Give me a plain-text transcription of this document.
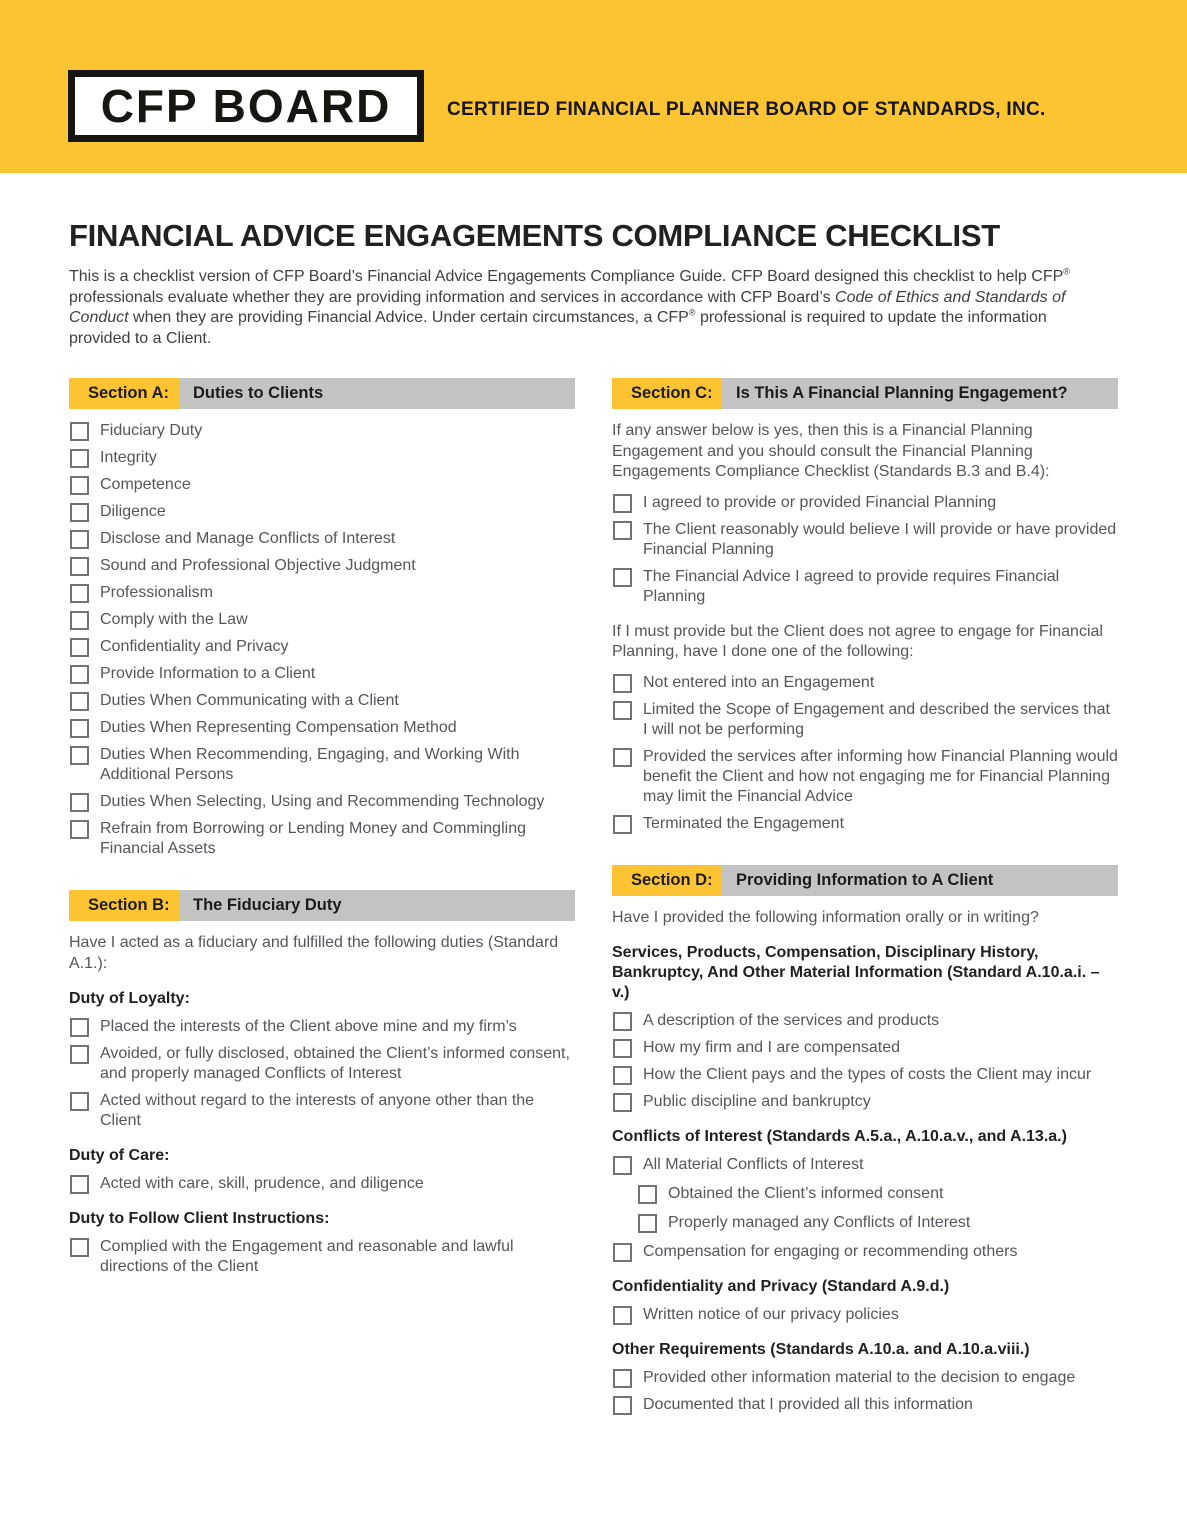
CFP BOARD	CERTIFIED FINANCIAL PLANNER BOARD OF STANDARDS, INC.
FINANCIAL ADVICE ENGAGEMENTS COMPLIANCE CHECKLIST

This is a checklist version of CFP Board’s Financial Advice Engagements Compliance Guide. CFP Board designed this checklist to help CFP® professionals evaluate whether they are providing information and services in accordance with CFP Board’s Code of Ethics and Standards of Conduct when they are providing Financial Advice. Under certain circumstances, a CFP® professional is required to update the information provided to a Client.

Section A:	Duties to Clients
Fiduciary Duty
Integrity
Competence
Diligence
Disclose and Manage Conflicts of Interest
Sound and Professional Objective Judgment
Professionalism
Comply with the Law
Confidentiality and Privacy
Provide Information to a Client
Duties When Communicating with a Client
Duties When Representing Compensation Method
Duties When Recommending, Engaging, and Working With Additional Persons
Duties When Selecting, Using and Recommending Technology
Refrain from Borrowing or Lending Money and Commingling Financial Assets
Section B:	The Fiduciary Duty

Have I acted as a fiduciary and fulfilled the following duties (Standard A.1.):

Duty of Loyalty:
Placed the interests of the Client above mine and my firm’s
Avoided, or fully disclosed, obtained the Client’s informed consent, and properly managed Conflicts of Interest
Acted without regard to the interests of anyone other than the Client
Duty of Care:
Acted with care, skill, prudence, and diligence
Duty to Follow Client Instructions:
Complied with the Engagement and reasonable and lawful directions of the Client
Section C:	Is This A Financial Planning Engagement?

If any answer below is yes, then this is a Financial Planning Engagement and you should consult the Financial Planning Engagements Compliance Checklist (Standards B.3 and B.4):

I agreed to provide or provided Financial Planning
The Client reasonably would believe I will provide or have provided Financial Planning
The Financial Advice I agreed to provide requires Financial Planning

If I must provide but the Client does not agree to engage for Financial Planning, have I done one of the following:

Not entered into an Engagement
Limited the Scope of Engagement and described the services that I will not be performing
Provided the services after informing how Financial Planning would benefit the Client and how not engaging me for Financial Planning may limit the Financial Advice
Terminated the Engagement
Section D:	Providing Information to A Client

Have I provided the following information orally or in writing?

Services, Products, Compensation, Disciplinary History, Bankruptcy, And Other Material Information (Standard A.10.a.i. – v.)
A description of the services and products
How my firm and I are compensated
How the Client pays and the types of costs the Client may incur
Public discipline and bankruptcy
Conflicts of Interest (Standards A.5.a., A.10.a.v., and A.13.a.)
All Material Conflicts of Interest
Obtained the Client’s informed consent
Properly managed any Conflicts of Interest
Compensation for engaging or recommending others
Confidentiality and Privacy (Standard A.9.d.)
Written notice of our privacy policies
Other Requirements (Standards A.10.a. and A.10.a.viii.)
Provided other information material to the decision to engage
Documented that I provided all this information
